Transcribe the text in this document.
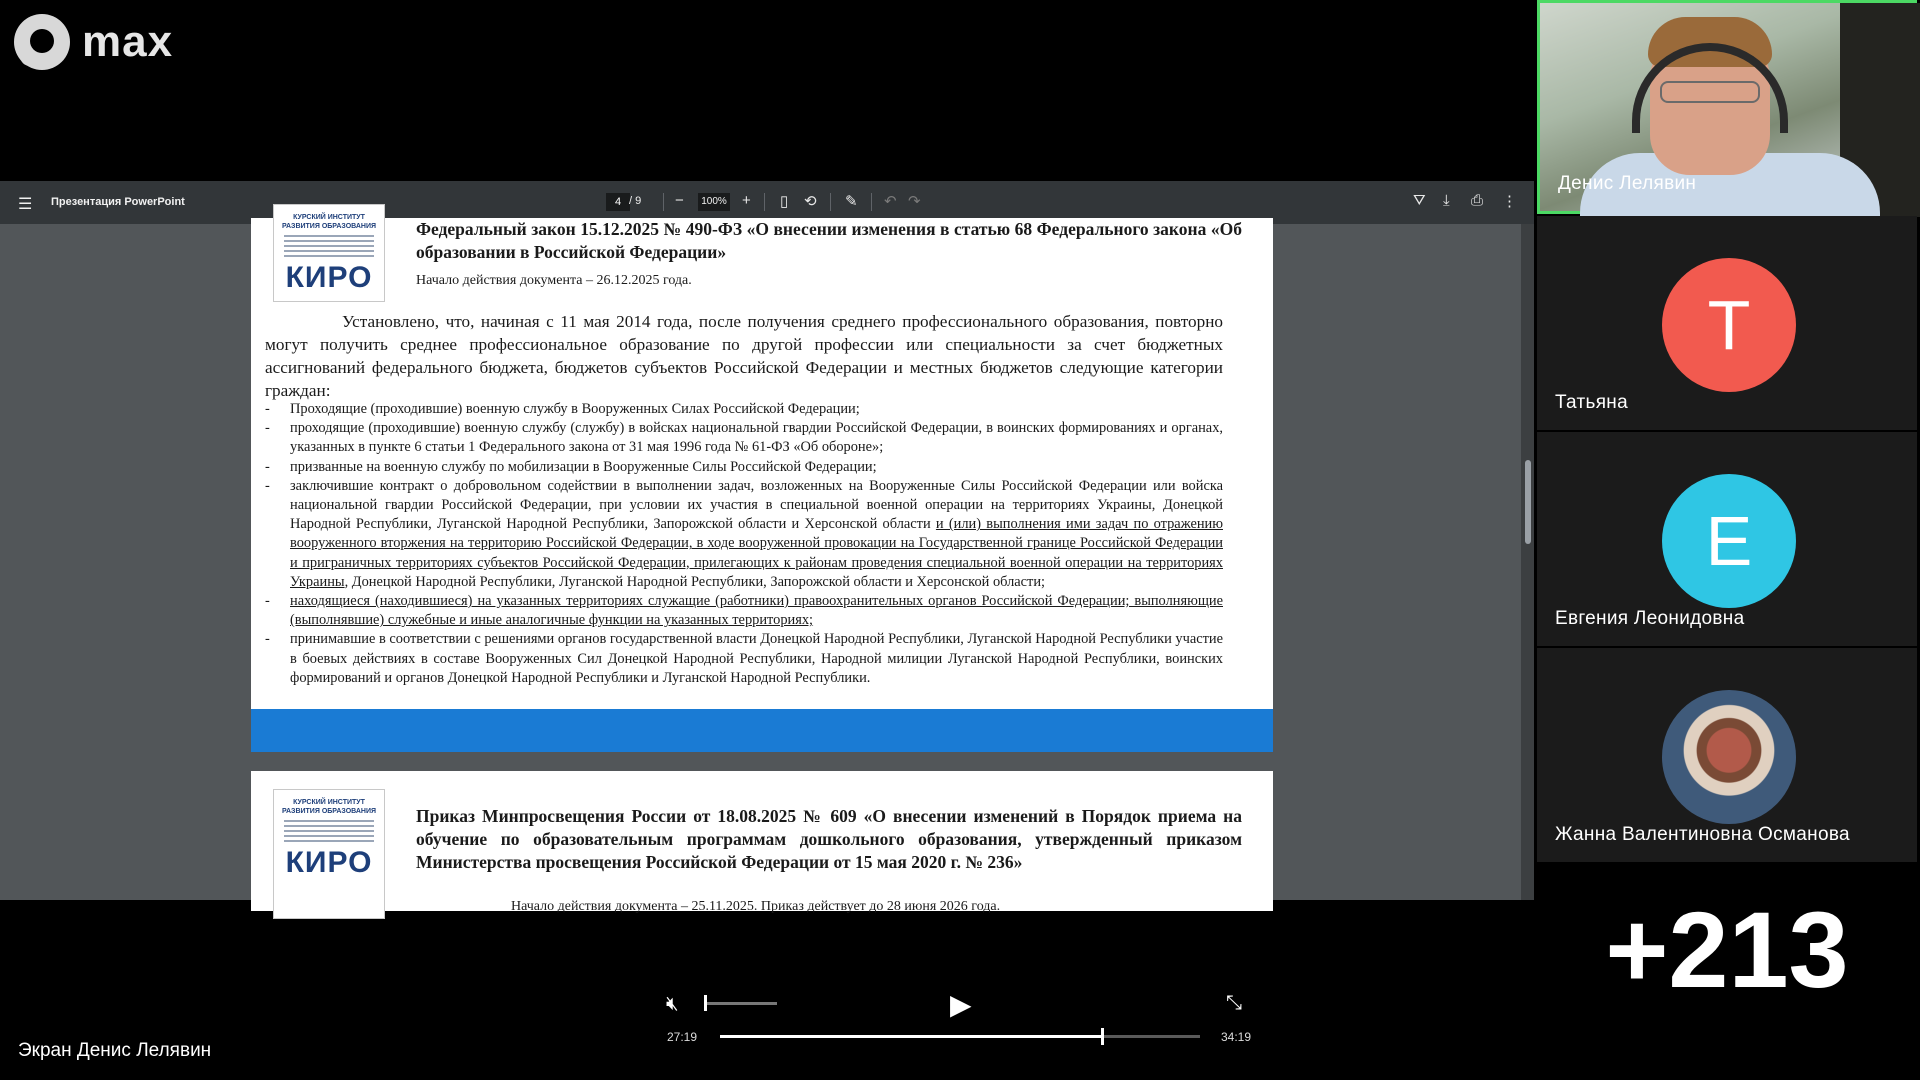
max
☰ Презентация PowerPoint	4 / 9 −	100% + ▯ ⟲ ✎ ↶ ↷	⛛ ⤓ ⎙ ⋮
КУРСКИЙ ИНСТИТУТ РАЗВИТИЯ ОБРАЗОВАНИЯ
КИРО
Федеральный закон 15.12.2025 № 490-ФЗ «О внесении изменения в статью 68 Федерального закона «Об образовании в Российской Федерации»
Начало действия документа – 26.12.2025 года.
Установлено, что, начиная с 11 мая 2014 года, после получения среднего профессионального образования, повторно могут получить среднее профессиональное образование по другой профессии или специальности за счет бюджетных ассигнований федерального бюджета, бюджетов субъектов Российской Федерации и местных бюджетов следующие категории граждан:
- Проходящие (проходившие) военную службу в Вооруженных Силах Российской Федерации;
- проходящие (проходившие) военную службу (службу) в войсках национальной гвардии Российской Федерации, в воинских формированиях и органах, указанных в пункте 6 статьи 1 Федерального закона от 31 мая 1996 года № 61-ФЗ «Об обороне»;
- призванные на военную службу по мобилизации в Вооруженные Силы Российской Федерации;
- заключившие контракт о добровольном содействии в выполнении задач, возложенных на Вооруженные Силы Российской Федерации или войска национальной гвардии Российской Федерации, при условии их участия в специальной военной операции на территориях Украины, Донецкой Народной Республики, Луганской Народной Республики, Запорожской области и Херсонской области и (или) выполнения ими задач по отражению вооруженного вторжения на территорию Российской Федерации, в ходе вооруженной провокации на Государственной границе Российской Федерации и приграничных территориях субъектов Российской Федерации, прилегающих к районам проведения специальной военной операции на территориях Украины, Донецкой Народной Республики, Луганской Народной Республики, Запорожской области и Херсонской области;
- находящиеся (находившиеся) на указанных территориях служащие (работники) правоохранительных органов Российской Федерации; выполняющие (выполнявшие) служебные и иные аналогичные функции на указанных территориях;
- принимавшие в соответствии с решениями органов государственной власти Донецкой Народной Республики, Луганской Народной Республики участие в боевых действиях в составе Вооруженных Сил Донецкой Народной Республики, Народной милиции Луганской Народной Республики, воинских формирований и органов Донецкой Народной Республики и Луганской Народной Республики.
КУРСКИЙ ИНСТИТУТ РАЗВИТИЯ ОБРАЗОВАНИЯ
КИРО
Приказ Минпросвещения России от 18.08.2025 № 609 «О внесении изменений в Порядок приема на обучение по образовательным программам дошкольного образования, утвержденный приказом Министерства просвещения Российской Федерации от 15 мая 2020 г. № 236»
Начало действия документа – 25.11.2025. Приказ действует до 28 июня 2026 года.
Денис Лелявин
Т
Татьяна
Е
Евгения Леонидовна
Жанна Валентиновна Османова
+213
Экран Денис Лелявин
🔇︎	▶	⤡
27:19	34:19
